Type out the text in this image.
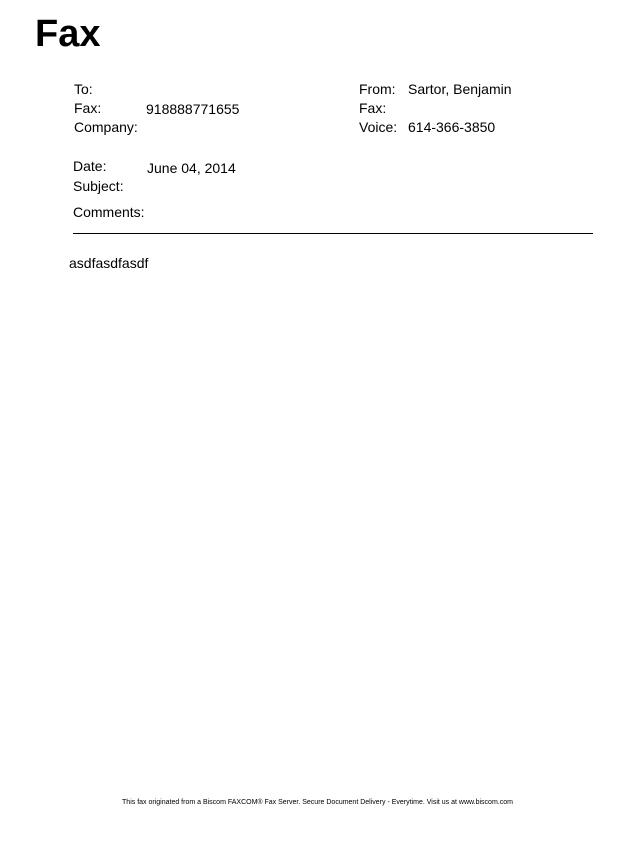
Fax
To:
Fax:	918888771655
Company:
From: Sartor, Benjamin
Fax:
Voice: 614-366-3850
Date:	June 04, 2014
Subject:
Comments:
asdfasdfasdf
This fax originated from a Biscom FAXCOM® Fax Server. Secure Document Delivery - Everytime. Visit us at www.biscom.com
